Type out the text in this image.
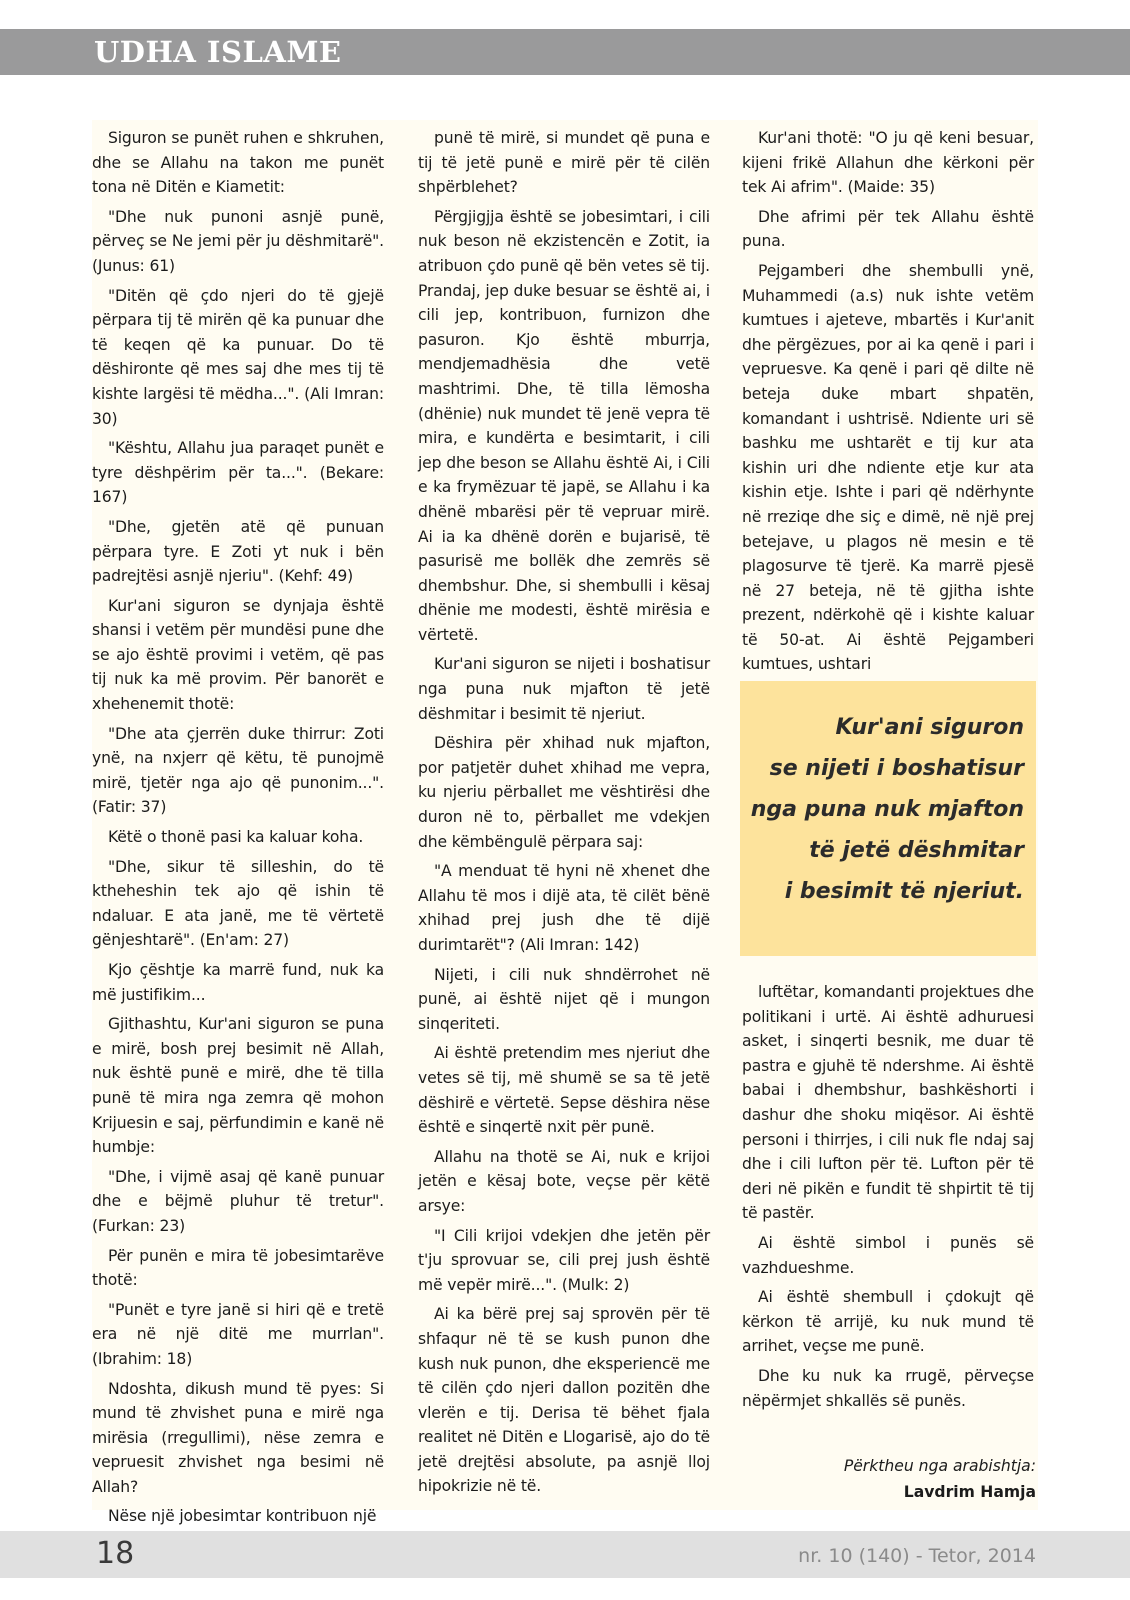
UDHA ISLAME

Siguron se punët ruhen e shkruhen, dhe se Allahu na takon me punët tona në Ditën e Kiametit:

"Dhe nuk punoni asnjë punë, përveç se Ne jemi për ju dëshmitarë". (Junus: 61)

"Ditën që çdo njeri do të gjejë përpara tij të mirën që ka punuar dhe të keqen që ka punuar. Do të dëshironte që mes saj dhe mes tij të kishte largësi të mëdha...". (Ali Imran: 30)

"Kështu, Allahu jua paraqet punët e tyre dëshpërim për ta...". (Bekare: 167)

"Dhe, gjetën atë që punuan përpara tyre. E Zoti yt nuk i bën padrejtësi asnjë njeriu". (Kehf: 49)

Kur'ani siguron se dynjaja është shansi i vetëm për mundësi pune dhe se ajo është provimi i vetëm, që pas tij nuk ka më provim. Për banorët e xhehenemit thotë:

"Dhe ata çjerrën duke thirrur: Zoti ynë, na nxjerr që këtu, të punojmë mirë, tjetër nga ajo që punonim...". (Fatir: 37)

Këtë o thonë pasi ka kaluar koha.

"Dhe, sikur të silleshin, do të ktheheshin tek ajo që ishin të ndaluar. E ata janë, me të vërtetë gënjeshtarë". (En'am: 27)

Kjo çështje ka marrë fund, nuk ka më justifikim...

Gjithashtu, Kur'ani siguron se puna e mirë, bosh prej besimit në Allah, nuk është punë e mirë, dhe të tilla punë të mira nga zemra që mohon Krijuesin e saj, përfundimin e kanë në humbje:

"Dhe, i vijmë asaj që kanë punuar dhe e bëjmë pluhur të tretur". (Furkan: 23)

Për punën e mira të jobesimtarëve thotë:

"Punët e tyre janë si hiri që e tretë era në një ditë me murrlan". (Ibrahim: 18)

Ndoshta, dikush mund të pyes: Si mund të zhvishet puna e mirë nga mirësia (rregullimi), nëse zemra e vepruesit zhvishet nga besimi në Allah?

Nëse një jobesimtar kontribuon një

punë të mirë, si mundet që puna e tij të jetë punë e mirë për të cilën shpërblehet?

Përgjigjja është se jobesimtari, i cili nuk beson në ekzistencën e Zotit, ia atribuon çdo punë që bën vetes së tij. Prandaj, jep duke besuar se është ai, i cili jep, kontribuon, furnizon dhe pasuron. Kjo është mburrja, mendjemadhësia dhe vetë mashtrimi. Dhe, të tilla lëmosha (dhënie) nuk mundet të jenë vepra të mira, e kundërta e besimtarit, i cili jep dhe beson se Allahu është Ai, i Cili e ka frymëzuar të japë, se Allahu i ka dhënë mbarësi për të vepruar mirë. Ai ia ka dhënë dorën e bujarisë, të pasurisë me bollëk dhe zemrës së dhembshur. Dhe, si shembulli i kësaj dhënie me modesti, është mirësia e vërtetë.

Kur'ani siguron se nijeti i boshatisur nga puna nuk mjafton të jetë dëshmitar i besimit të njeriut.

Dëshira për xhihad nuk mjafton, por patjetër duhet xhihad me vepra, ku njeriu përballet me vështirësi dhe duron në to, përballet me vdekjen dhe këmbëngulë përpara saj:

"A menduat të hyni në xhenet dhe Allahu të mos i dijë ata, të cilët bënë xhihad prej jush dhe të dijë durimtarët"? (Ali Imran: 142)

Nijeti, i cili nuk shndërrohet në punë, ai është nijet që i mungon sinqeriteti.

Ai është pretendim mes njeriut dhe vetes së tij, më shumë se sa të jetë dëshirë e vërtetë. Sepse dëshira nëse është e sinqertë nxit për punë.

Allahu na thotë se Ai, nuk e krijoi jetën e kësaj bote, veçse për këtë arsye:

"I Cili krijoi vdekjen dhe jetën për t'ju sprovuar se, cili prej jush është më vepër mirë...". (Mulk: 2)

Ai ka bërë prej saj sprovën për të shfaqur në të se kush punon dhe kush nuk punon, dhe eksperiencë me të cilën çdo njeri dallon pozitën dhe vlerën e tij. Derisa të bëhet fjala realitet në Ditën e Llogarisë, ajo do të jetë drejtësi absolute, pa asnjë lloj hipokrizie në të.

Kur'ani thotë: "O ju që keni besuar, kijeni frikë Allahun dhe kërkoni për tek Ai afrim". (Maide: 35)

Dhe afrimi për tek Allahu është puna.

Pejgamberi dhe shembulli ynë, Muhammedi (a.s) nuk ishte vetëm kumtues i ajeteve, mbartës i Kur'anit dhe përgëzues, por ai ka qenë i pari i vepruesve. Ka qenë i pari që dilte në beteja duke mbart shpatën, komandant i ushtrisë. Ndiente uri së bashku me ushtarët e tij kur ata kishin uri dhe ndiente etje kur ata kishin etje. Ishte i pari që ndërhynte në rreziqe dhe siç e dimë, në një prej betejave, u plagos në mesin e të plagosurve të tjerë. Ka marrë pjesë në 27 beteja, në të gjitha ishte prezent, ndërkohë që i kishte kaluar të 50-at. Ai është Pejgamberi kumtues, ushtari

Kur'ani siguron
se nijeti i boshatisur
nga puna nuk mjafton
të jetë dëshmitar
i besimit të njeriut.

luftëtar, komandanti projektues dhe politikani i urtë. Ai është adhuruesi asket, i sinqerti besnik, me duar të pastra e gjuhë të ndershme. Ai është babai i dhembshur, bashkëshorti i dashur dhe shoku miqësor. Ai është personi i thirrjes, i cili nuk fle ndaj saj dhe i cili lufton për të. Lufton për të deri në pikën e fundit të shpirtit të tij të pastër.

Ai është simbol i punës së vazhdueshme.

Ai është shembull i çdokujt që kërkon të arrijë, ku nuk mund të arrihet, veçse me punë.

Dhe ku nuk ka rrugë, përveçse nëpërmjet shkallës së punës.

Përktheu nga arabishtja:
Lavdrim Hamja
18	nr. 10 (140) - Tetor, 2014
